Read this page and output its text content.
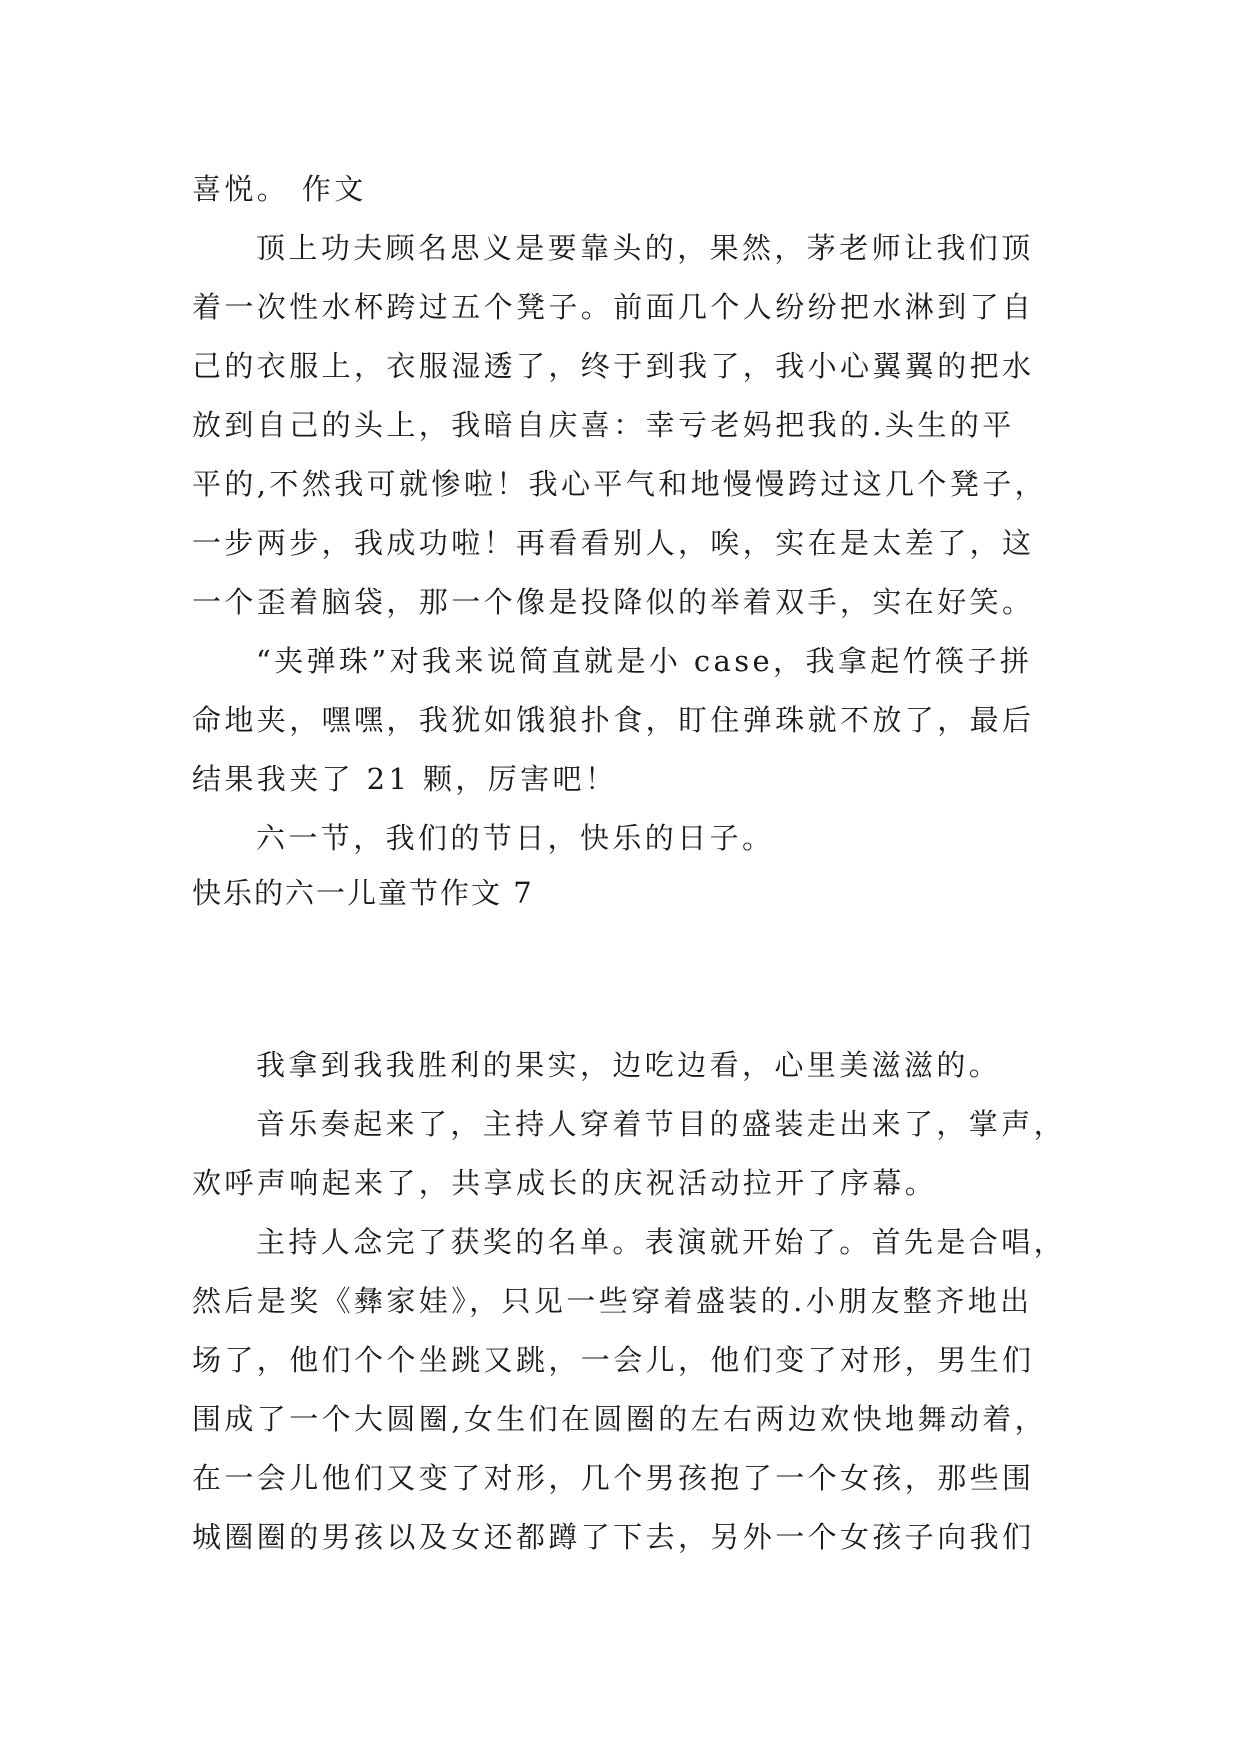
喜悦。 作文
顶上功夫顾名思义是要靠头的，果然，茅老师让我们顶
着一次性水杯跨过五个凳子。前面几个人纷纷把水淋到了自
己的衣服上，衣服湿透了，终于到我了，我小心翼翼的把水
放到自己的头上，我暗自庆喜：幸亏老妈把我的.头生的平
平的,不然我可就惨啦！我心平气和地慢慢跨过这几个凳子，
一步两步，我成功啦！再看看别人，唉，实在是太差了，这
一个歪着脑袋，那一个像是投降似的举着双手，实在好笑。
“夹弹珠”对我来说简直就是小 case，我拿起竹筷子拼
命地夹，嘿嘿，我犹如饿狼扑食，盯住弹珠就不放了，最后
结果我夹了 21 颗，厉害吧！
六一节，我们的节日，快乐的日子。
快乐的六一儿童节作文 7
我拿到我我胜利的果实，边吃边看，心里美滋滋的。
音乐奏起来了，主持人穿着节目的盛装走出来了，掌声，
欢呼声响起来了，共享成长的庆祝活动拉开了序幕。
主持人念完了获奖的名单。表演就开始了。首先是合唱，
然后是奖《彝家娃》，只见一些穿着盛装的.小朋友整齐地出
场了，他们个个坐跳又跳，一会儿，他们变了对形，男生们
围成了一个大圆圈,女生们在圆圈的左右两边欢快地舞动着，
在一会儿他们又变了对形，几个男孩抱了一个女孩，那些围
城圈圈的男孩以及女还都蹲了下去，另外一个女孩子向我们
